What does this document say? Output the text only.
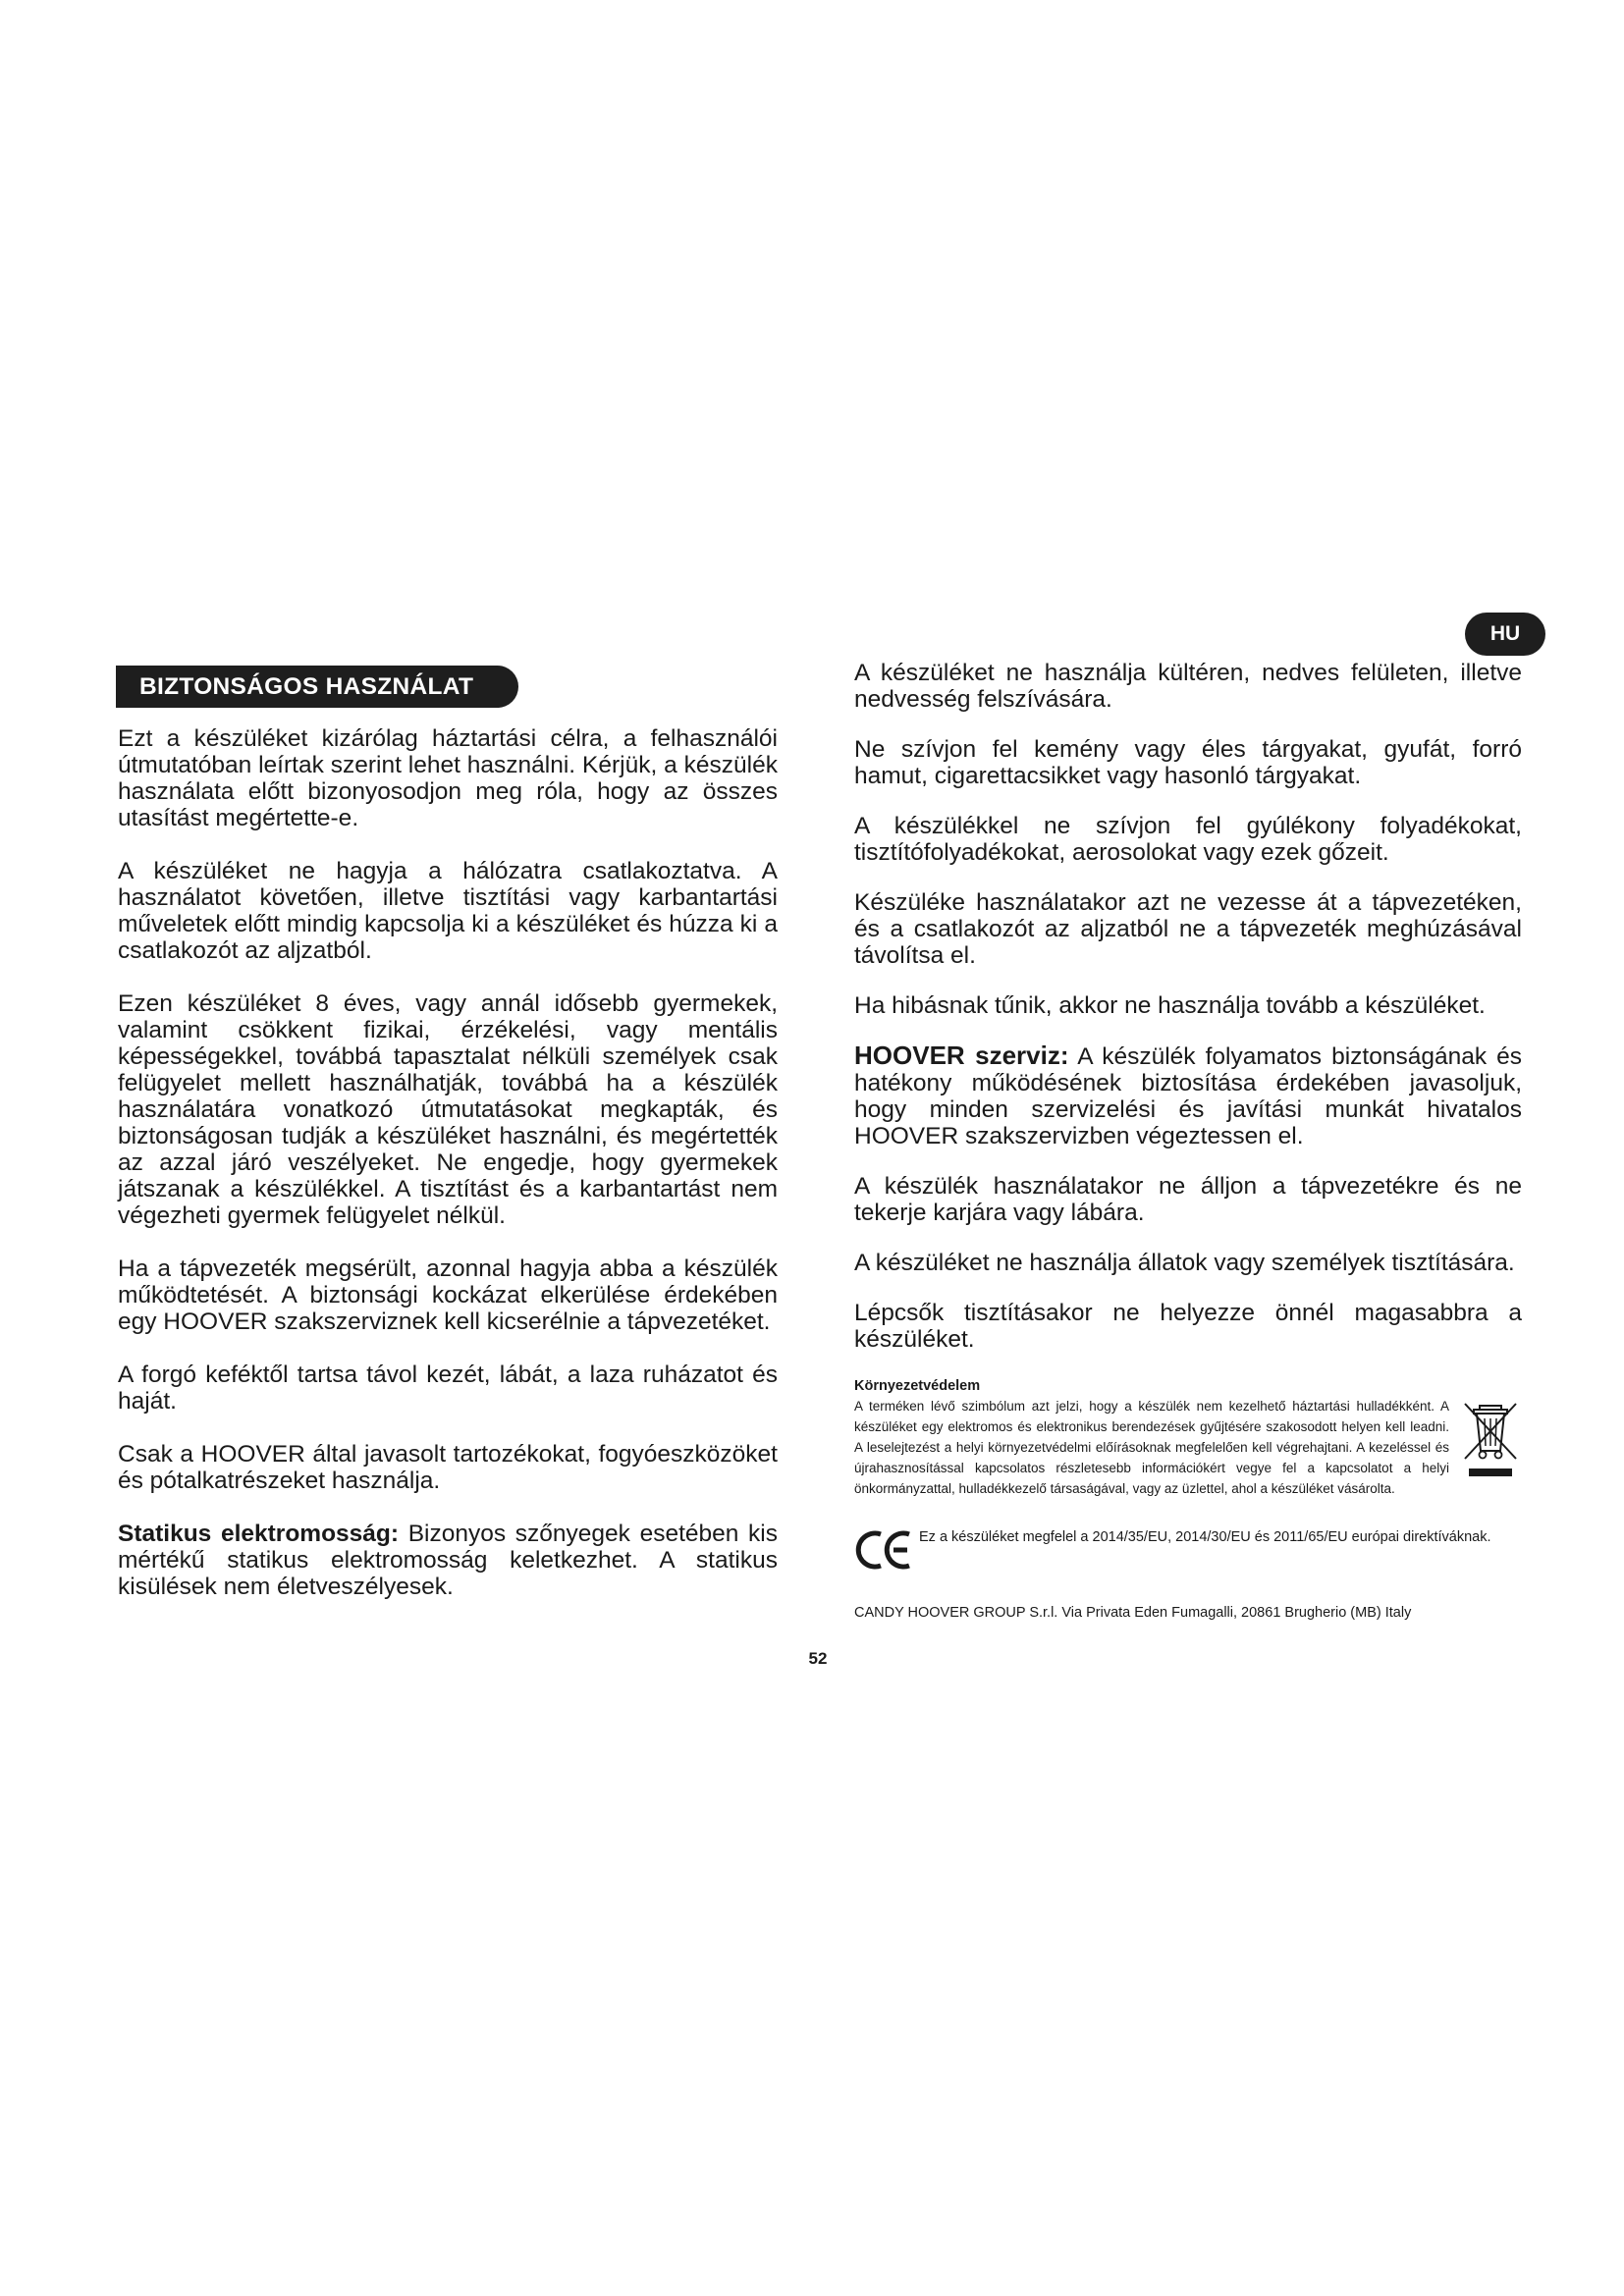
HU
BIZTONSÁGOS HASZNÁLAT

Ezt a készüléket kizárólag háztartási célra, a felhasználói útmutatóban leírtak szerint lehet használni. Kérjük, a készülék használata előtt bizonyosodjon meg róla, hogy az összes utasítást megértette-e.

A készüléket ne hagyja a hálózatra csatlakoztatva. A használatot követően, illetve tisztítási vagy karbantartási műveletek előtt mindig kapcsolja ki a készüléket és húzza ki a csatlakozót az aljzatból.

Ezen készüléket 8 éves, vagy annál idősebb gyermekek, valamint csökkent fizikai, érzékelési, vagy mentális képességekkel, továbbá tapasztalat nélküli személyek csak felügyelet mellett használhatják, továbbá ha a készülék használatára vonatkozó útmutatásokat megkapták, és biztonságosan tudják a készüléket használni, és megértették az azzal járó veszélyeket. Ne engedje, hogy gyermekek játszanak a készülékkel. A tisztítást és a karbantartást nem végezheti gyermek felügyelet nélkül.

Ha a tápvezeték megsérült, azonnal hagyja abba a készülék működtetését. A biztonsági kockázat elkerülése érdekében egy HOOVER szakszerviznek kell kicserélnie a tápvezetéket.

A forgó keféktől tartsa távol kezét, lábát, a laza ruházatot és haját.

Csak a HOOVER által javasolt tartozékokat, fogyóeszközöket és pótalkatrészeket használja.

Statikus elektromosság: Bizonyos szőnyegek esetében kis mértékű statikus elektromosság keletkezhet. A statikus kisülések nem életveszélyesek.

A készüléket ne használja kültéren, nedves felületen, illetve nedvesség felszívására.

Ne szívjon fel kemény vagy éles tárgyakat, gyufát, forró hamut, cigarettacsikket vagy hasonló tárgyakat.

A készülékkel ne szívjon fel gyúlékony folyadékokat, tisztítófolyadékokat, aerosolokat vagy ezek gőzeit.

Készüléke használatakor azt ne vezesse át a tápvezetéken, és a csatlakozót az aljzatból ne a tápvezeték meghúzásával távolítsa el.

Ha hibásnak tűnik, akkor ne használja tovább a készüléket.

HOOVER szerviz: A készülék folyamatos biztonságának és hatékony működésének biztosítása érdekében javasoljuk, hogy minden szervizelési és javítási munkát hivatalos HOOVER szakszervizben végeztessen el.

A készülék használatakor ne álljon a tápvezetékre és ne tekerje karjára vagy lábára.

A készüléket ne használja állatok vagy személyek tisztítására.

Lépcsők tisztításakor ne helyezze önnél magasabbra a készüléket.

Környezetvédelem
A terméken lévő szimbólum azt jelzi, hogy a készülék nem kezelhető háztartási hulladékként. A készüléket egy elektromos és elektronikus berendezések gyűjtésére szakosodott helyen kell leadni. A leselejtezést a helyi környezetvédelmi előírásoknak megfelelően kell végrehajtani. A kezeléssel és újrahasznosítással kapcsolatos részletesebb információkért vegye fel a kapcsolatot a helyi önkormányzattal, hulladékkezelő társaságával, vagy az üzlettel, ahol a készüléket vásárolta.
Ez a készüléket megfelel a 2014/35/EU, 2014/30/EU és 2011/65/EU európai direktíváknak.
CANDY HOOVER GROUP S.r.l. Via Privata Eden Fumagalli, 20861 Brugherio (MB) Italy
52
